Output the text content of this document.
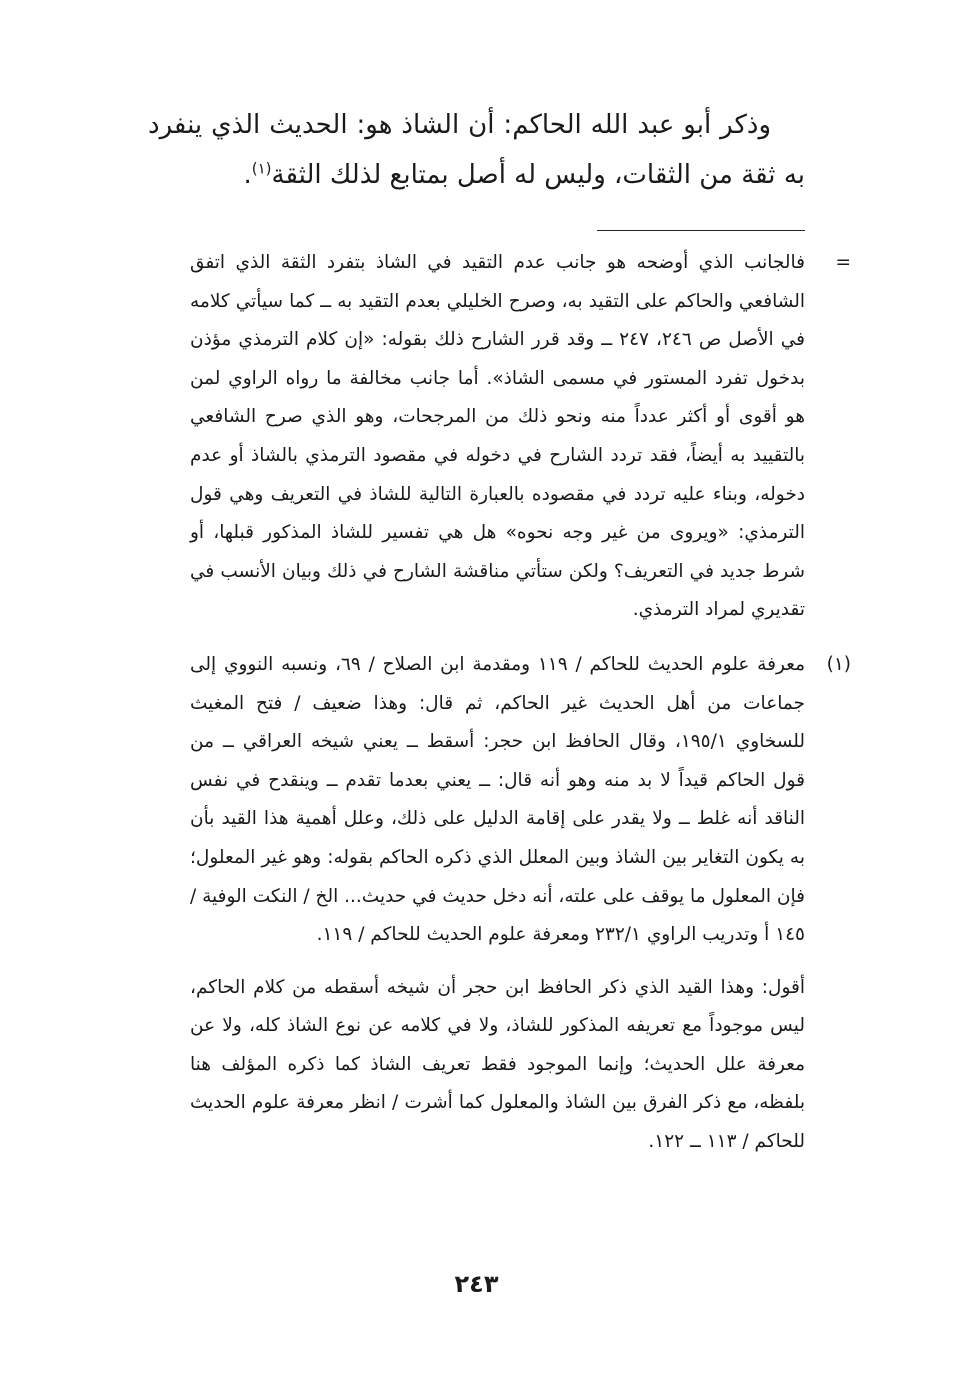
وذكر أبو عبد الله الحاكم: أن الشاذ هو: الحديث الذي ينفرد به ثقة من الثقات، وليس له أصل بمتابع لذلك الثقة$^{(١)}$.

=
فالجانب الذي أوضحه هو جانب عدم التقيد في الشاذ بتفرد الثقة الذي اتفق الشافعي والحاكم على التقيد به، وصرح الخليلي بعدم التقيد به ــ كما سيأتي كلامه في الأصل ص ٢٤٦، ٢٤٧ ــ وقد قرر الشارح ذلك بقوله: «إن كلام الترمذي مؤذن بدخول تفرد المستور في مسمى الشاذ». أما جانب مخالفة ما رواه الراوي لمن هو أقوى أو أكثر عدداً منه ونحو ذلك من المرجحات، وهو الذي صرح الشافعي بالتقييد به أيضاً، فقد تردد الشارح في دخوله في مقصود الترمذي بالشاذ أو عدم دخوله، وبناء عليه تردد في مقصوده بالعبارة التالية للشاذ في التعريف وهي قول الترمذي: «ويروى من غير وجه نحوه» هل هي تفسير للشاذ المذكور قبلها، أو شرط جديد في التعريف؟ ولكن ستأتي مناقشة الشارح في ذلك وبيان الأنسب في تقديري لمراد الترمذي.
(١)
معرفة علوم الحديث للحاكم / ١١٩ ومقدمة ابن الصلاح / ٦٩، ونسبه النووي إلى جماعات من أهل الحديث غير الحاكم، ثم قال: وهذا ضعيف / فتح المغيث للسخاوي ١٩٥/١، وقال الحافظ ابن حجر: أسقط ــ يعني شيخه العراقي ــ من قول الحاكم قيداً لا بد منه وهو أنه قال: ــ يعني بعدما تقدم ــ وينقدح في نفس الناقد أنه غلط ــ ولا يقدر على إقامة الدليل على ذلك، وعلل أهمية هذا القيد بأن به يكون التغاير بين الشاذ وبين المعلل الذي ذكره الحاكم بقوله: وهو غير المعلول؛ فإن المعلول ما يوقف على علته، أنه دخل حديث في حديث... الخ / النكت الوفية / ١٤٥ أ وتدريب الراوي ٢٣٢/١ ومعرفة علوم الحديث للحاكم / ١١٩.
أقول: وهذا القيد الذي ذكر الحافظ ابن حجر أن شيخه أسقطه من كلام الحاكم، ليس موجوداً مع تعريفه المذكور للشاذ، ولا في كلامه عن نوع الشاذ كله، ولا عن معرفة علل الحديث؛ وإنما الموجود فقط تعريف الشاذ كما ذكره المؤلف هنا بلفظه، مع ذكر الفرق بين الشاذ والمعلول كما أشرت / انظر معرفة علوم الحديث للحاكم / ١١٣ ــ ١٢٢.
٢٤٣
